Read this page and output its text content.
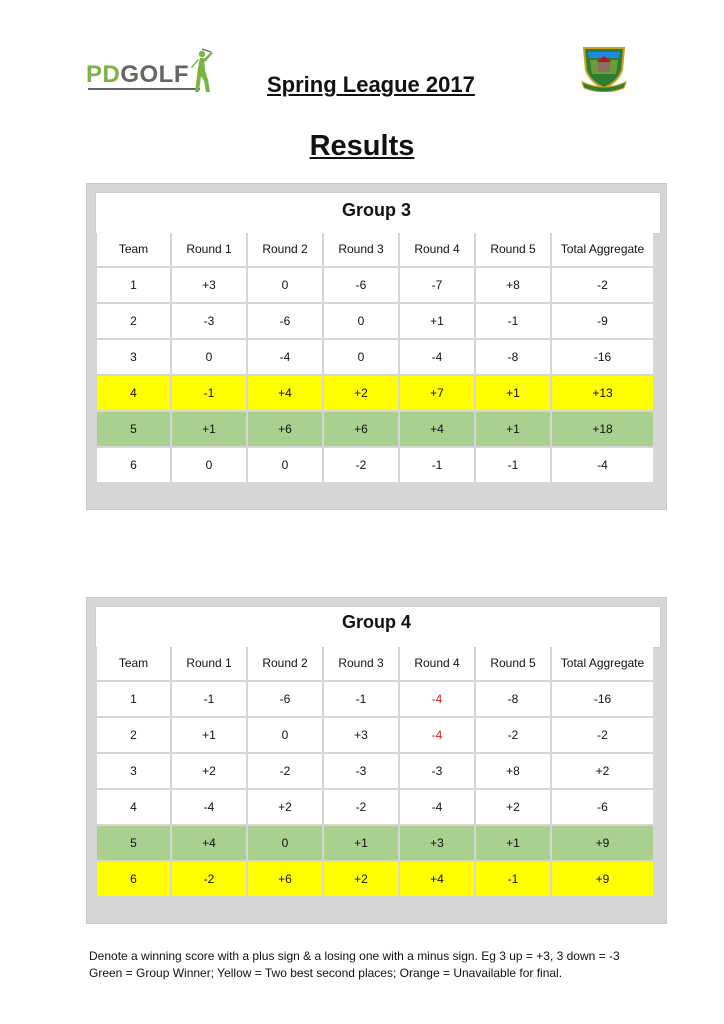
PDGOLF	Spring League 2017
Results
Group 3
Team	Round 1	Round 2	Round 3	Round 4	Round 5	Total Aggregate
1	+3	0	-6	-7	+8	-2
2	-3	-6	0	+1	-1	-9
3	0	-4	0	-4	-8	-16
4	-1	+4	+2	+7	+1	+13
5	+1	+6	+6	+4	+1	+18
6	0	0	-2	-1	-1	-4
Group 4
Team	Round 1	Round 2	Round 3	Round 4	Round 5	Total Aggregate
1	-1	-6	-1	-4	-8	-16
2	+1	0	+3	-4	-2	-2
3	+2	-2	-3	-3	+8	+2
4	-4	+2	-2	-4	+2	-6
5	+4	0	+1	+3	+1	+9
6	-2	+6	+2	+4	-1	+9
Denote a winning score with a plus sign & a losing one with a minus sign. Eg 3 up = +3, 3 down = -3
Green = Group Winner; Yellow = Two best second places; Orange = Unavailable for final.
